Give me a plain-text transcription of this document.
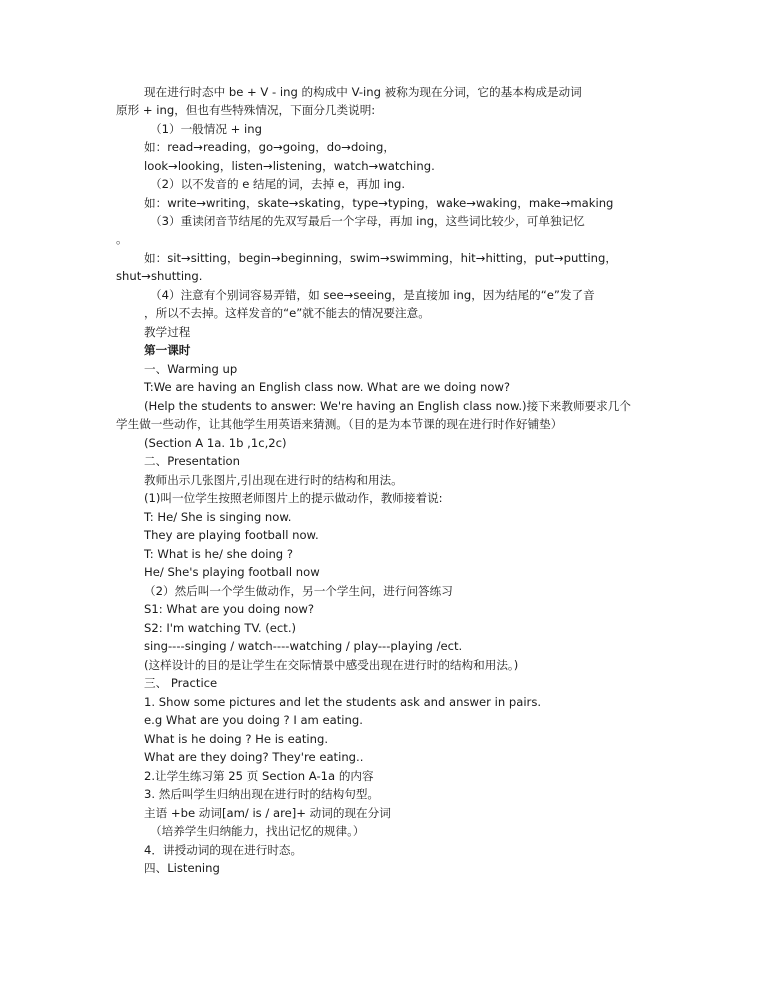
现在进行时态中 be + V - ing 的构成中 V-ing 被称为现在分词，它的基本构成是动词
原形 + ing，但也有些特殊情况，下面分几类说明:
（1）一般情况 + ing
如：read→reading，go→going，do→doing，
look→looking，listen→listening，watch→watching.
（2）以不发音的 e 结尾的词，去掉 e，再加 ing.
如：write→writing，skate→skating，type→typing，wake→waking，make→making
（3）重读闭音节结尾的先双写最后一个字母，再加 ing，这些词比较少，可单独记忆
。
如：sit→sitting，begin→beginning，swim→swimming，hit→hitting，put→putting，
shut→shutting.
（4）注意有个别词容易弄错，如 see→seeing，是直接加 ing，因为结尾的“e”发了音
，所以不去掉。这样发音的“e”就不能去的情况要注意。
教学过程
第一课时
一、Warming up
T:We are having an English class now. What are we doing now?
(Help the students to answer: We're having an English class now.)接下来教师要求几个
学生做一些动作，让其他学生用英语来猜测。（目的是为本节课的现在进行时作好铺垫）
(Section A 1a. 1b ,1c,2c)
二、Presentation
教师出示几张图片,引出现在进行时的结构和用法。
(1)叫一位学生按照老师图片上的提示做动作，教师接着说:
T: He/ She is singing now.
They are playing football now.
T: What is he/ she doing ?
He/ She's playing football now
（2）然后叫一个学生做动作，另一个学生问，进行问答练习
S1: What are you doing now?
S2: I'm watching TV. (ect.)
sing----singing / watch----watching / play---playing /ect.
(这样设计的目的是让学生在交际情景中感受出现在进行时的结构和用法。)
三、 Practice
1. Show some pictures and let the students ask and answer in pairs.
e.g What are you doing ? I am eating.
What is he doing ? He is eating.
What are they doing? They're eating..
2.让学生练习第 25 页 Section A-1a 的内容
3. 然后叫学生归纳出现在进行时的结构句型。
主语 +be 动词[am/ is / are]+ 动词的现在分词
（培养学生归纳能力，找出记忆的规律。）
4．讲授动词的现在进行时态。
四、Listening
